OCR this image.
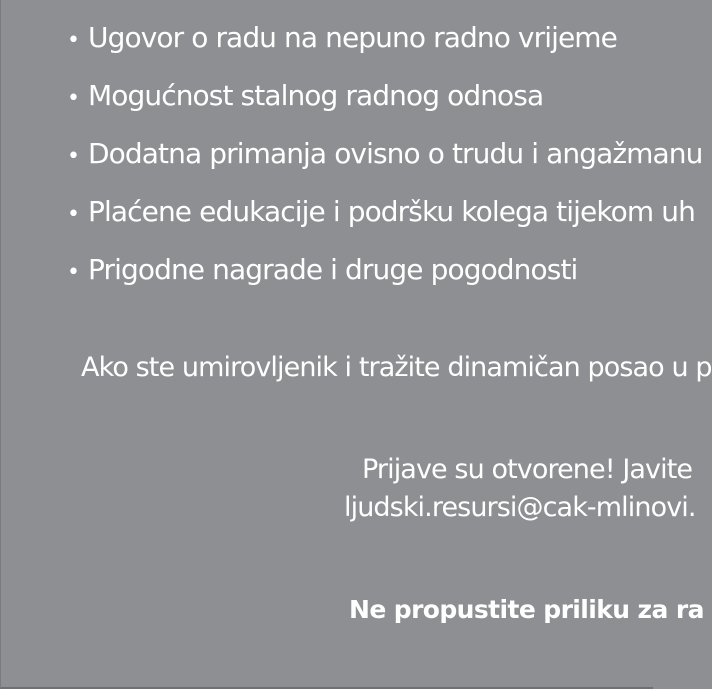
• Ugovor o radu na nepuno radno vrijeme
• Mogućnost stalnog radnog odnosa
• Dodatna primanja ovisno o trudu i angažmanu
• Plaćene edukacije i podršku kolega tijekom uh
• Prigodne nagrade i druge pogodnosti
Ako ste umirovljenik i tražite dinamičan posao u p
Prijave su otvorene! Javite
ljudski.resursi@cak-mlinovi.
Ne propustite priliku za ra
